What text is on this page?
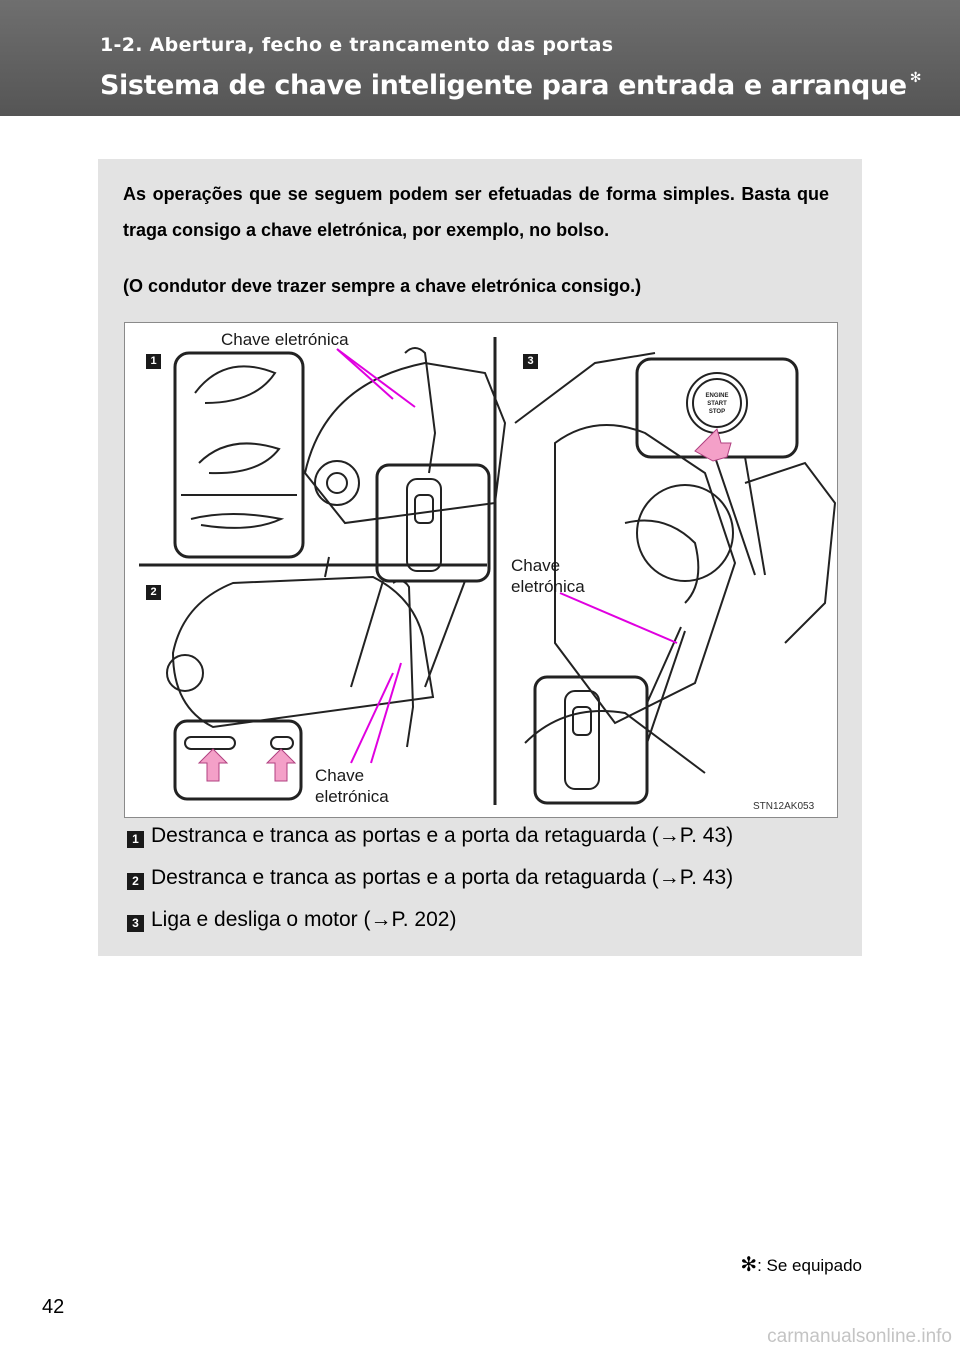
1-2. Abertura, fecho e trancamento das portas
Sistema de chave inteligente para entrada e arranque ✻
As operações que se seguem podem ser efetuadas de forma simples. Basta que traga consigo a chave eletrónica, por exemplo, no bolso.
(O condutor deve trazer sempre a chave eletrónica consigo.)
ENGINE
START
STOP
1
2
3
Chave eletrónica
Chave
eletrónica
Chave
eletrónica
STN12AK053
1 Destranca e tranca as portas e a porta da retaguarda (→P. 43)
2 Destranca e tranca as portas e a porta da retaguarda (→P. 43)
3 Liga e desliga o motor (→P. 202)
✻: Se equipado
42
carmanualsonline.info
